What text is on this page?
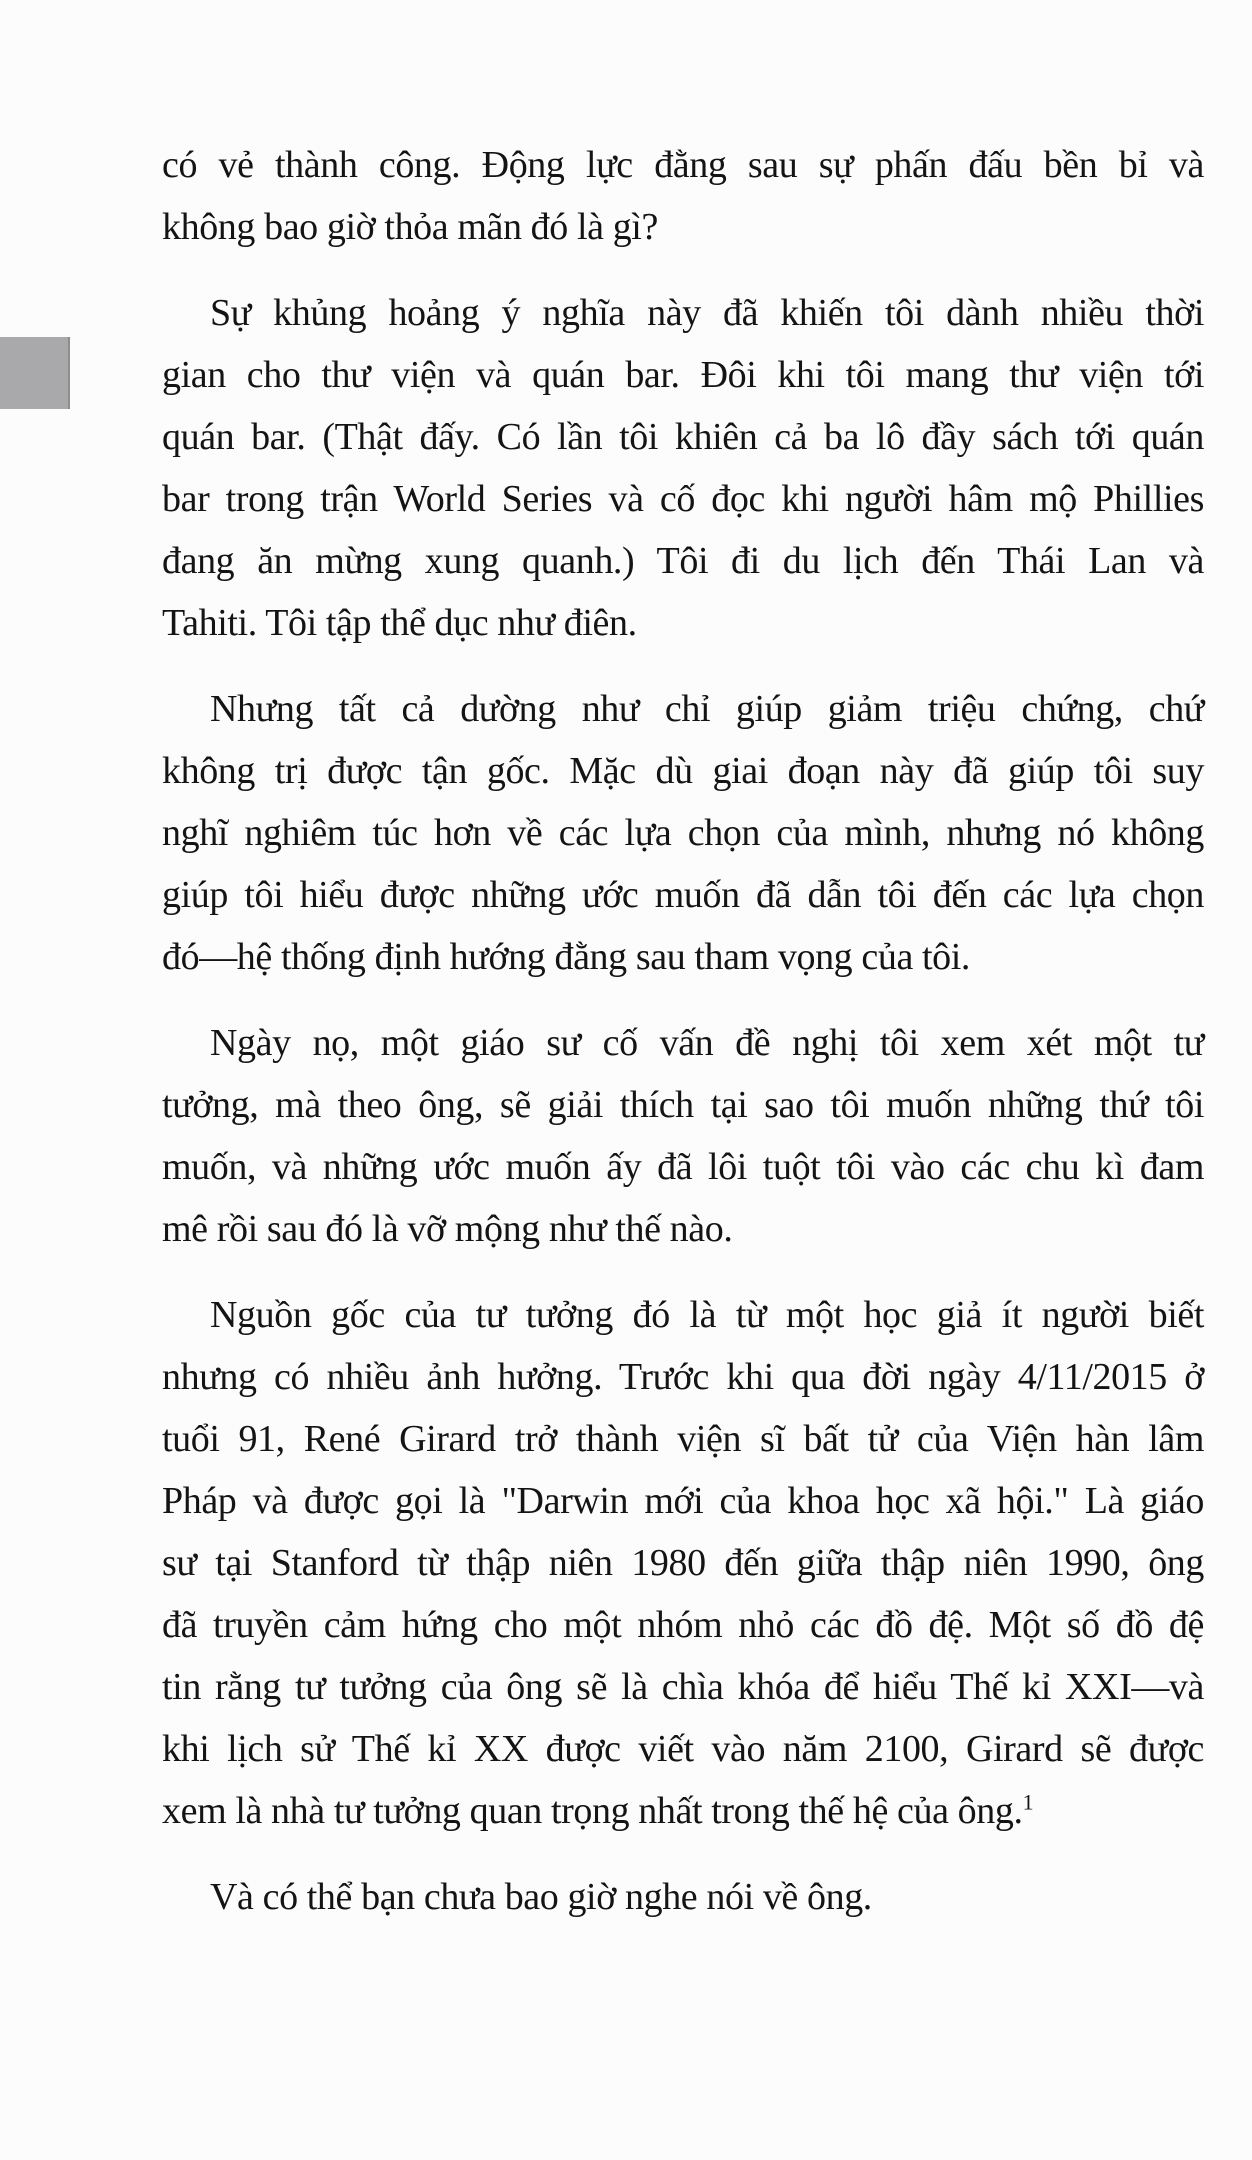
có vẻ thành công. Động lực đằng sau sự phấn đấu bền bỉ và
không bao giờ thỏa mãn đó là gì?
Sự khủng hoảng ý nghĩa này đã khiến tôi dành nhiều thời
gian cho thư viện và quán bar. Đôi khi tôi mang thư viện tới
quán bar. (Thật đấy. Có lần tôi khiên cả ba lô đầy sách tới quán
bar trong trận World Series và cố đọc khi người hâm mộ Phillies
đang ăn mừng xung quanh.) Tôi đi du lịch đến Thái Lan và
Tahiti. Tôi tập thể dục như điên.
Nhưng tất cả dường như chỉ giúp giảm triệu chứng, chứ
không trị được tận gốc. Mặc dù giai đoạn này đã giúp tôi suy
nghĩ nghiêm túc hơn về các lựa chọn của mình, nhưng nó không
giúp tôi hiểu được những ước muốn đã dẫn tôi đến các lựa chọn
đó—hệ thống định hướng đằng sau tham vọng của tôi.
Ngày nọ, một giáo sư cố vấn đề nghị tôi xem xét một tư
tưởng, mà theo ông, sẽ giải thích tại sao tôi muốn những thứ tôi
muốn, và những ước muốn ấy đã lôi tuột tôi vào các chu kì đam
mê rồi sau đó là vỡ mộng như thế nào.
Nguồn gốc của tư tưởng đó là từ một học giả ít người biết
nhưng có nhiều ảnh hưởng. Trước khi qua đời ngày 4/11/2015 ở
tuổi 91, René Girard trở thành viện sĩ bất tử của Viện hàn lâm
Pháp và được gọi là "Darwin mới của khoa học xã hội." Là giáo
sư tại Stanford từ thập niên 1980 đến giữa thập niên 1990, ông
đã truyền cảm hứng cho một nhóm nhỏ các đồ đệ. Một số đồ đệ
tin rằng tư tưởng của ông sẽ là chìa khóa để hiểu Thế kỉ XXI—và
khi lịch sử Thế kỉ XX được viết vào năm 2100, Girard sẽ được
xem là nhà tư tưởng quan trọng nhất trong thế hệ của ông.$^1$
Và có thể bạn chưa bao giờ nghe nói về ông.
